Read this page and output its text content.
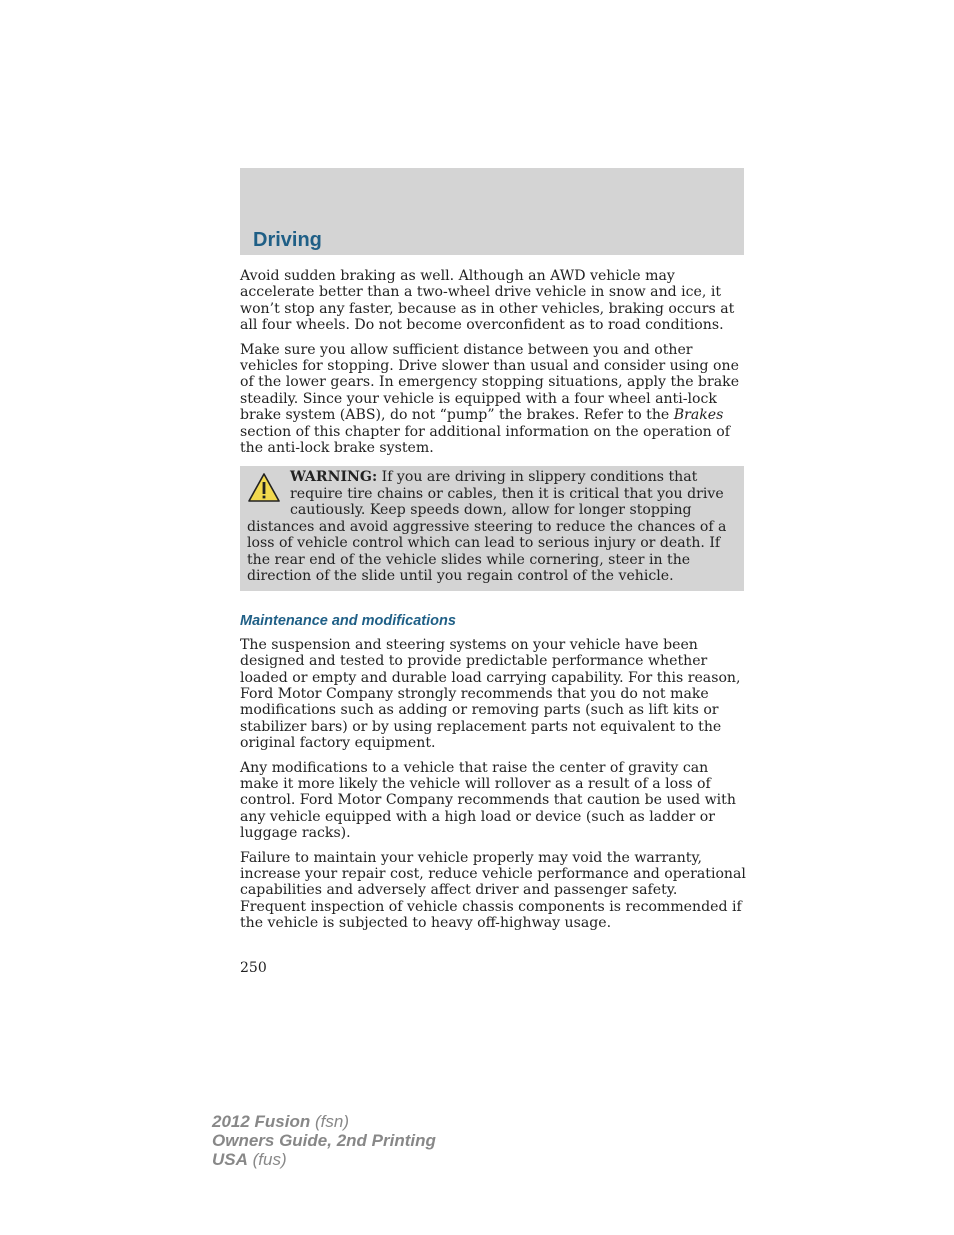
Driving

Avoid sudden braking as well. Although an AWD vehicle may accelerate better than a two-wheel drive vehicle in snow and ice, it won’t stop any faster, because as in other vehicles, braking occurs at all four wheels. Do not become overconfident as to road conditions.

Make sure you allow sufficient distance between you and other vehicles for stopping. Drive slower than usual and consider using one of the lower gears. In emergency stopping situations, apply the brake steadily. Since your vehicle is equipped with a four wheel anti-lock brake system (ABS), do not “pump” the brakes. Refer to the Brakes section of this chapter for additional information on the operation of the anti-lock brake system.

WARNING: If you are driving in slippery conditions that require tire chains or cables, then it is critical that you drive cautiously. Keep speeds down, allow for longer stopping distances and avoid aggressive steering to reduce the chances of a loss of vehicle control which can lead to serious injury or death. If the rear end of the vehicle slides while cornering, steer in the direction of the slide until you regain control of the vehicle.
Maintenance and modifications

The suspension and steering systems on your vehicle have been designed and tested to provide predictable performance whether loaded or empty and durable load carrying capability. For this reason, Ford Motor Company strongly recommends that you do not make modifications such as adding or removing parts (such as lift kits or stabilizer bars) or by using replacement parts not equivalent to the original factory equipment.

Any modifications to a vehicle that raise the center of gravity can make it more likely the vehicle will rollover as a result of a loss of control. Ford Motor Company recommends that caution be used with any vehicle equipped with a high load or device (such as ladder or luggage racks).

Failure to maintain your vehicle properly may void the warranty, increase your repair cost, reduce vehicle performance and operational capabilities and adversely affect driver and passenger safety. Frequent inspection of vehicle chassis components is recommended if the vehicle is subjected to heavy off-highway usage.

250
2012 Fusion (fsn)
Owners Guide, 2nd Printing
USA (fus)
